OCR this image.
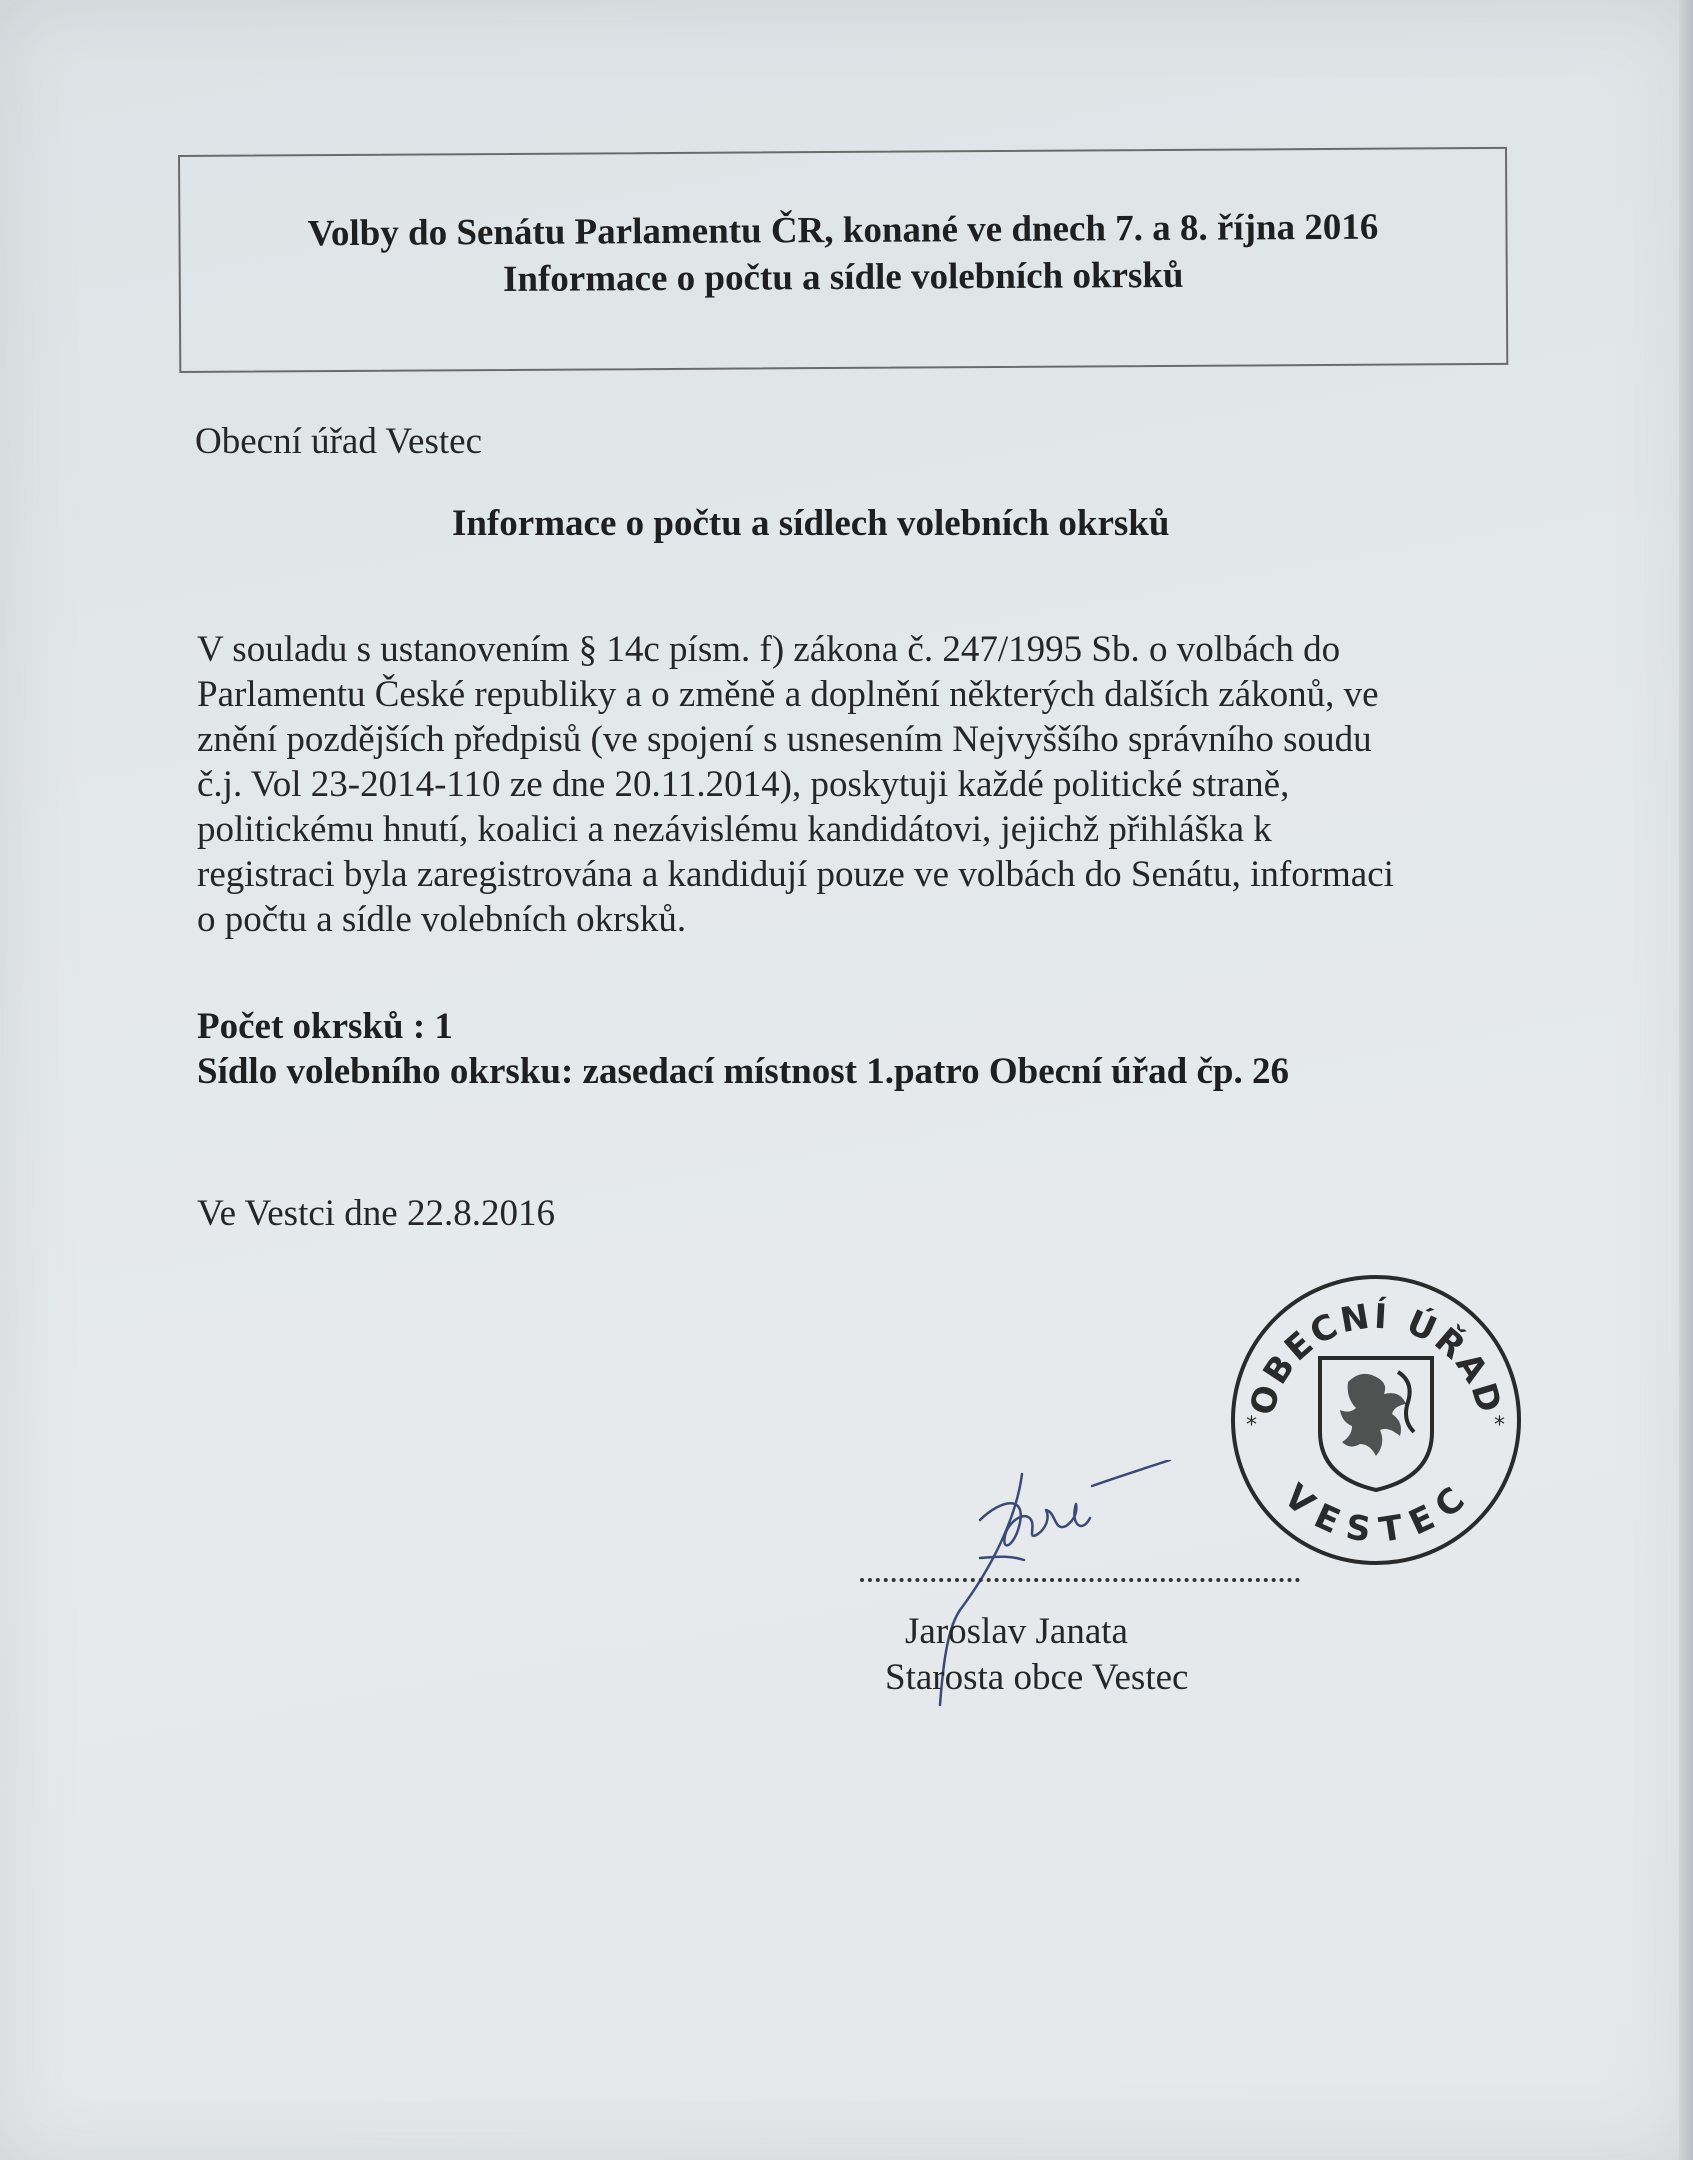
Volby do Senátu Parlamentu ČR, konané ve dnech 7. a 8. října 2016
Informace o počtu a sídle volebních okrsků
Obecní úřad Vestec
Informace o počtu a sídlech volebních okrsků
V souladu s ustanovením § 14c písm. f) zákona č. 247/1995 Sb. o volbách do
Parlamentu České republiky a o změně a doplnění některých dalších zákonů, ve
znění pozdějších předpisů (ve spojení s usnesením Nejvyššího správního soudu
č.j. Vol 23-2014-110 ze dne 20.11.2014), poskytuji každé politické straně,
politickému hnutí, koalici a nezávislému kandidátovi, jejichž přihláška k
registraci byla zaregistrována a kandidují pouze ve volbách do Senátu, informaci
o počtu a sídle volebních okrsků.
Počet okrsků : 1
Sídlo volebního okrsku: zasedací místnost 1.patro Obecní úřad čp. 26
Ve Vestci dne 22.8.2016
OBECNÍ ÚŘAD
VESTEC
*	*
Jaroslav Janata
Starosta obce Vestec
